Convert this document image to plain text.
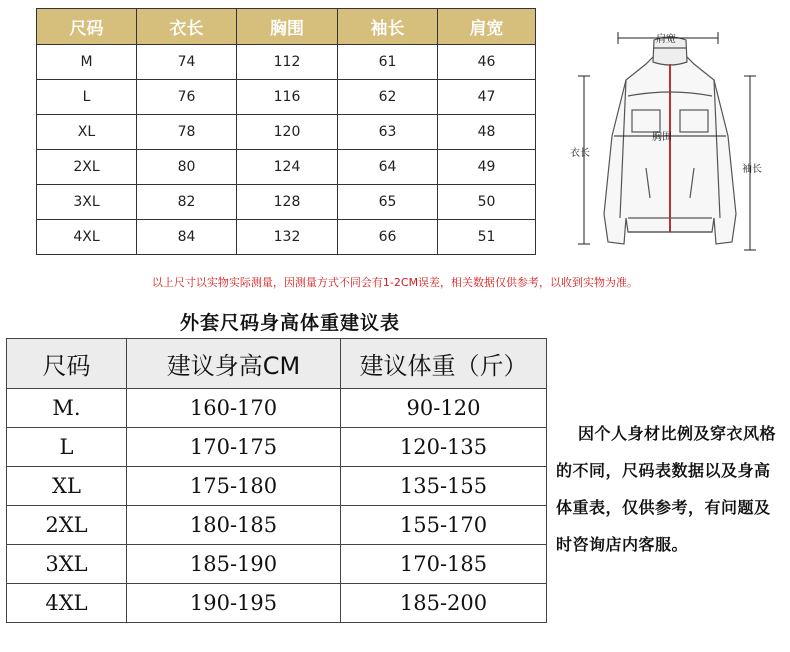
尺码	衣长	胸围	袖长	肩宽
M	74	112	61	46
L	76	116	62	47
XL	78	120	63	48
2XL	80	124	64	49
3XL	82	128	65	50
4XL	84	132	66	51
肩宽
胸围
衣长
袖长
以上尺寸以实物实际测量，因测量方式不同会有1-2CM误差，相关数据仅供参考，以收到实物为准。
外套尺码身高体重建议表
尺码	建议身高CM	建议体重（斤）
M.	160-170	90-120
L	170-175	120-135
XL	175-180	135-155
2XL	180-185	155-170
3XL	185-190	170-185
4XL	190-195	185-200
因个人身材比例及穿衣风格的不同，尺码表数据以及身高体重表，仅供参考，有问题及时咨询店内客服。
